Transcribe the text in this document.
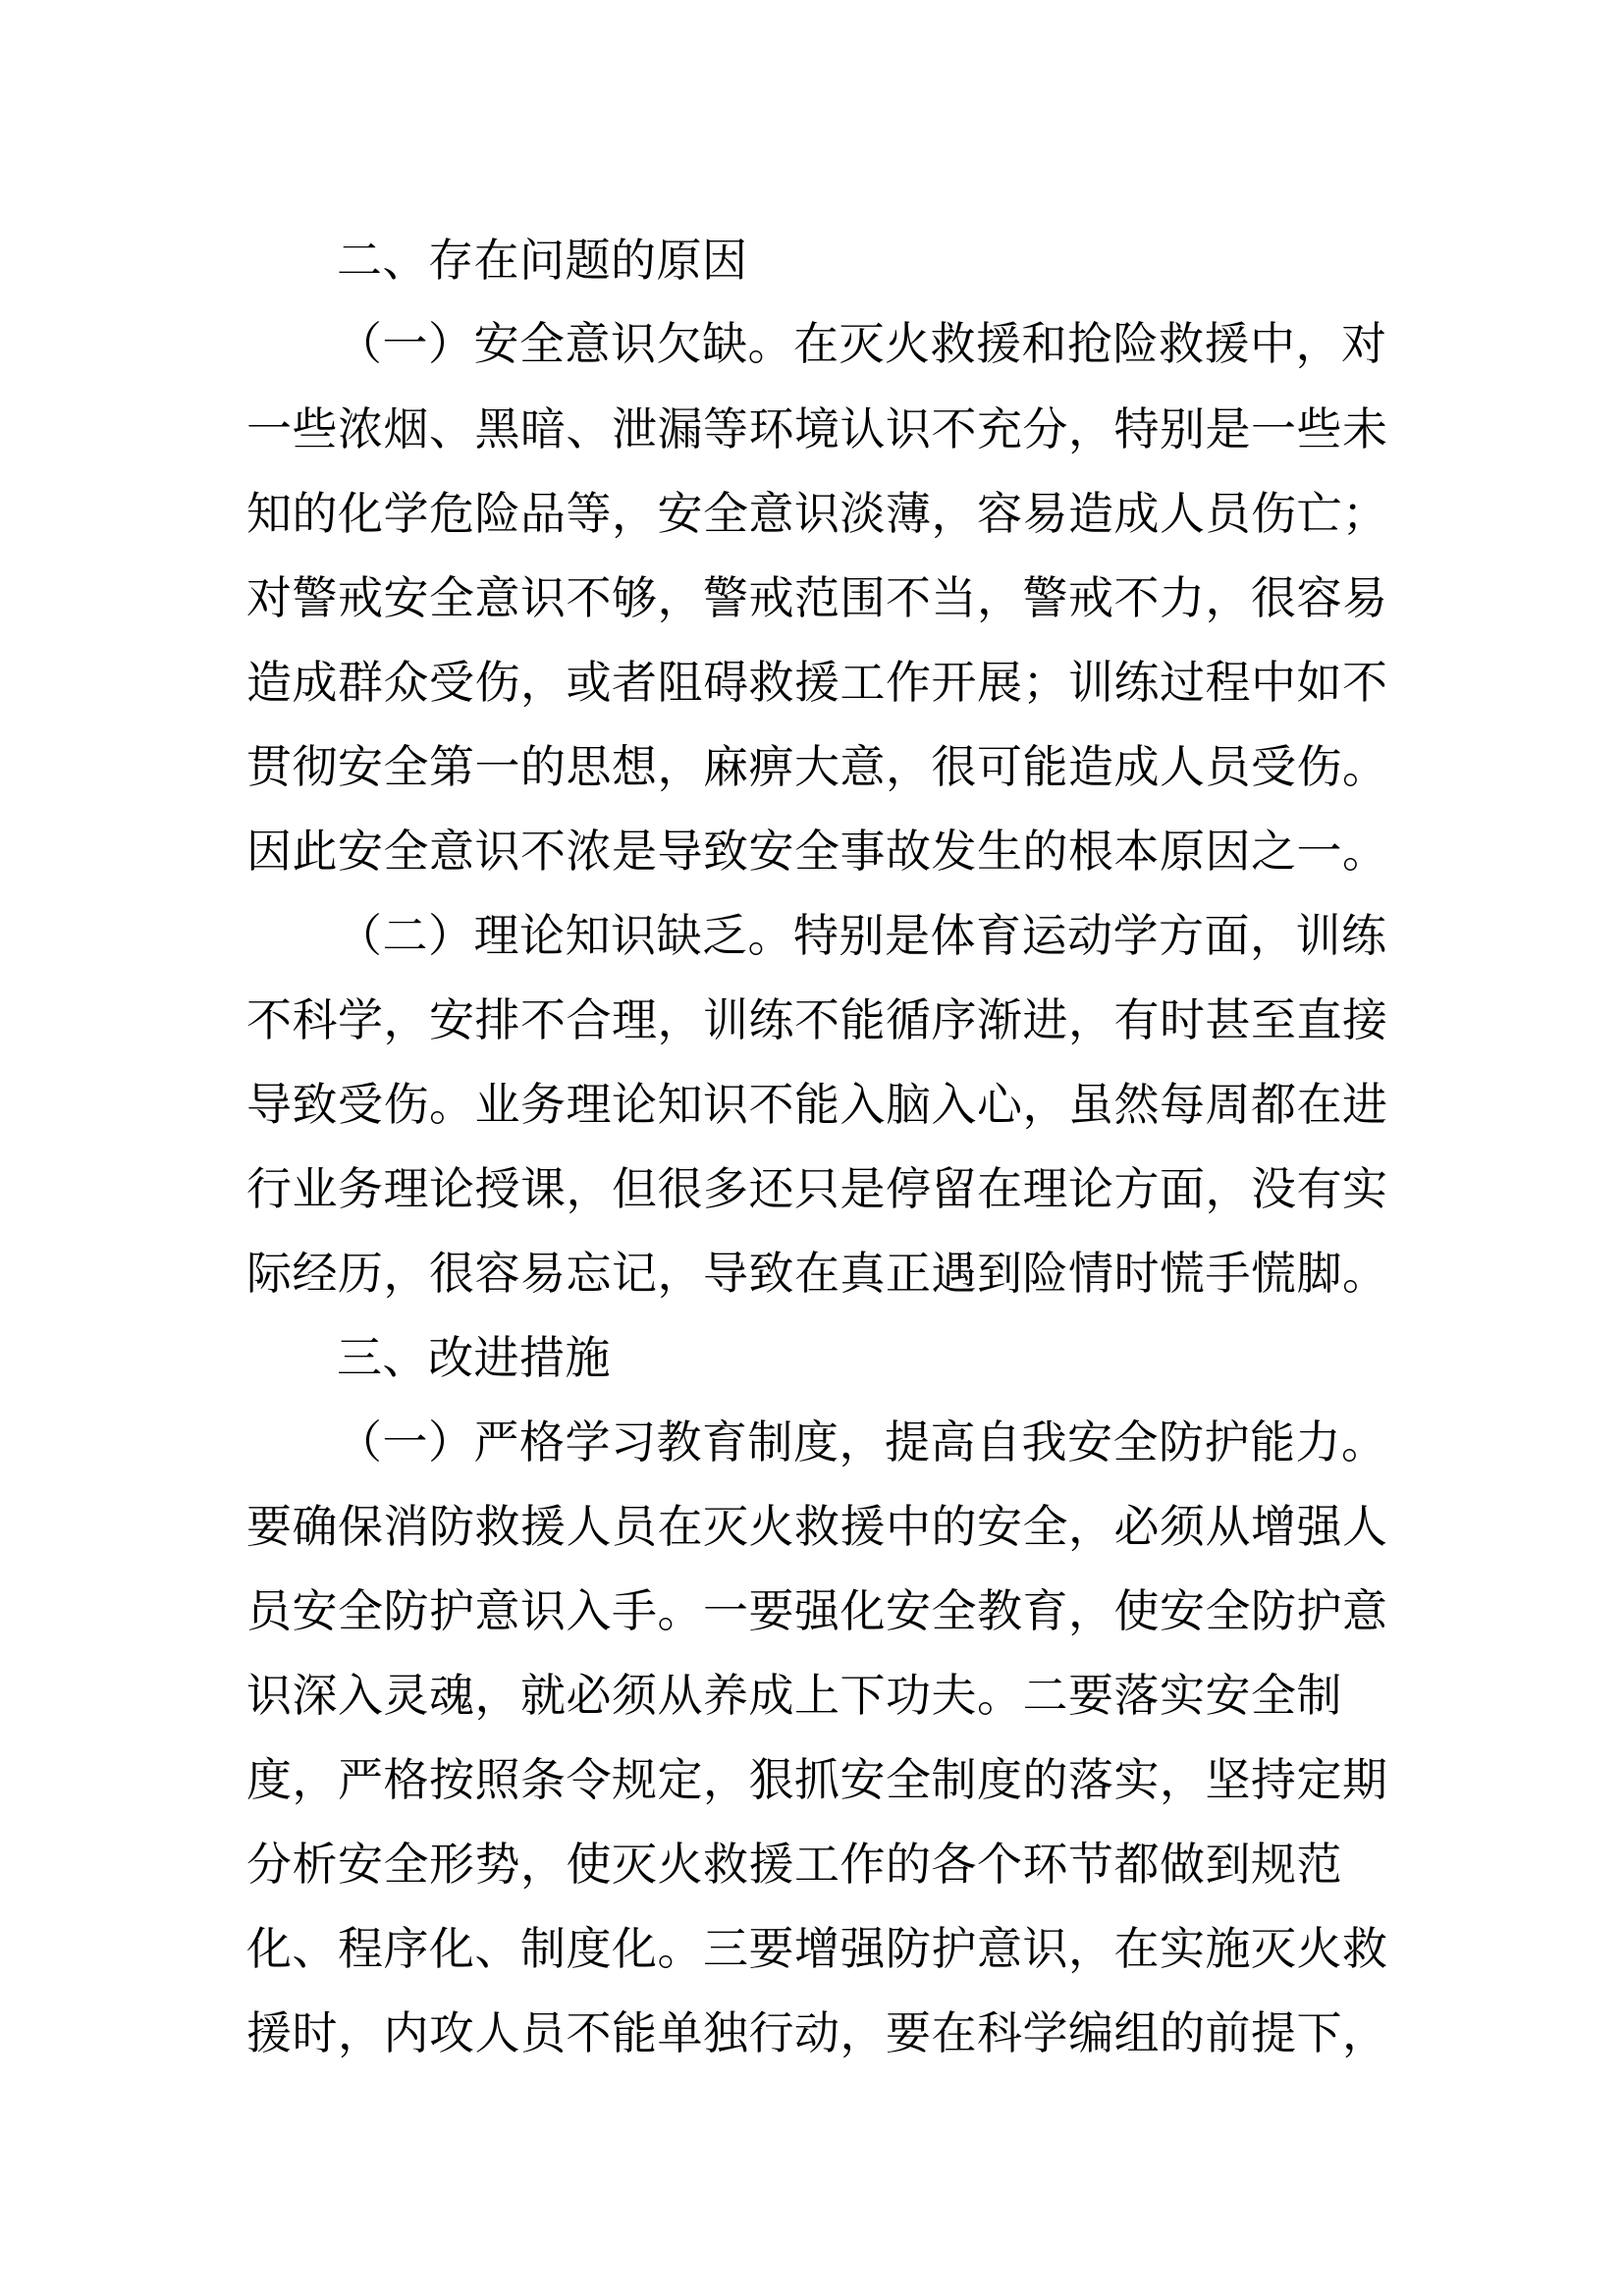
二、存在问题的原因

（一）安全意识欠缺。在灭火救援和抢险救援中，对

一些浓烟、黑暗、泄漏等环境认识不充分，特别是一些未

知的化学危险品等，安全意识淡薄，容易造成人员伤亡；

对警戒安全意识不够，警戒范围不当，警戒不力，很容易

造成群众受伤，或者阻碍救援工作开展；训练过程中如不

贯彻安全第一的思想，麻痹大意，很可能造成人员受伤。

因此安全意识不浓是导致安全事故发生的根本原因之一。

（二）理论知识缺乏。特别是体育运动学方面，训练

不科学，安排不合理，训练不能循序渐进，有时甚至直接

导致受伤。业务理论知识不能入脑入心，虽然每周都在进

行业务理论授课，但很多还只是停留在理论方面，没有实

际经历，很容易忘记，导致在真正遇到险情时慌手慌脚。

三、改进措施

（一）严格学习教育制度，提高自我安全防护能力。

要确保消防救援人员在灭火救援中的安全，必须从增强人

员安全防护意识入手。一要强化安全教育，使安全防护意

识深入灵魂，就必须从养成上下功夫。二要落实安全制

度，严格按照条令规定，狠抓安全制度的落实，坚持定期

分析安全形势，使灭火救援工作的各个环节都做到规范

化、程序化、制度化。三要增强防护意识，在实施灭火救

援时，内攻人员不能单独行动，要在科学编组的前提下，
